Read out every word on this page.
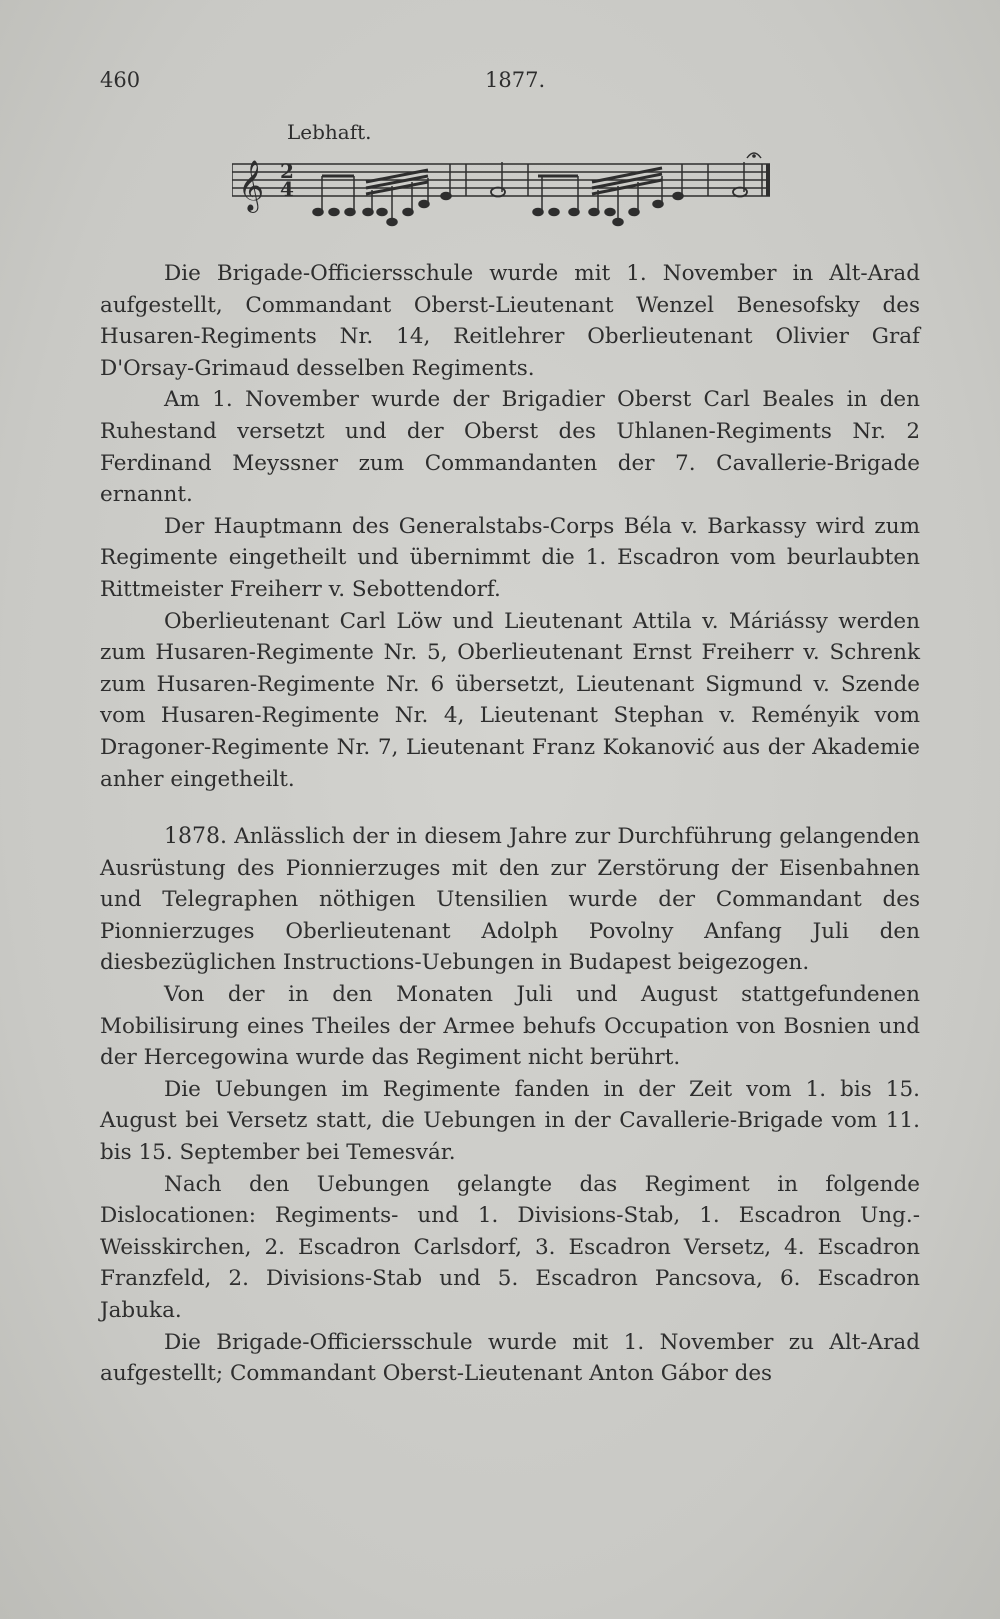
460	1877.
Lebhaft.
𝄞 2
4

Die Brigade-Officiersschule wurde mit 1. November in Alt-Arad aufgestellt, Commandant Oberst-Lieutenant Wenzel Benesofsky des Husaren-Regiments Nr. 14, Reitlehrer Oberlieutenant Olivier Graf D'Orsay-Grimaud desselben Regiments.

Am 1. November wurde der Brigadier Oberst Carl Beales in den Ruhestand versetzt und der Oberst des Uhlanen-Regiments Nr. 2 Ferdinand Meyssner zum Commandanten der 7. Cavallerie-Brigade ernannt.

Der Hauptmann des Generalstabs-Corps Béla v. Barkassy wird zum Regimente eingetheilt und übernimmt die 1. Escadron vom beurlaubten Rittmeister Freiherr v. Sebottendorf.

Oberlieutenant Carl Löw und Lieutenant Attila v. Máriássy werden zum Husaren-Regimente Nr. 5, Oberlieutenant Ernst Freiherr v. Schrenk zum Husaren-Regimente Nr. 6 übersetzt, Lieutenant Sigmund v. Szende vom Husaren-Regimente Nr. 4, Lieutenant Stephan v. Reményik vom Dragoner-Regimente Nr. 7, Lieutenant Franz Kokanović aus der Akademie anher eingetheilt.

1878. Anlässlich der in diesem Jahre zur Durchführung gelangenden Ausrüstung des Pionnierzuges mit den zur Zerstörung der Eisenbahnen und Telegraphen nöthigen Utensilien wurde der Commandant des Pionnierzuges Oberlieutenant Adolph Povolny Anfang Juli den diesbezüglichen Instructions-Uebungen in Budapest beigezogen.

Von der in den Monaten Juli und August stattgefundenen Mobilisirung eines Theiles der Armee behufs Occupation von Bosnien und der Hercegowina wurde das Regiment nicht berührt.

Die Uebungen im Regimente fanden in der Zeit vom 1. bis 15. August bei Versetz statt, die Uebungen in der Cavallerie-Brigade vom 11. bis 15. September bei Temesvár.

Nach den Uebungen gelangte das Regiment in folgende Dislocationen: Regiments- und 1. Divisions-Stab, 1. Escadron Ung.-Weisskirchen, 2. Escadron Carlsdorf, 3. Escadron Versetz, 4. Escadron Franzfeld, 2. Divisions-Stab und 5. Escadron Pancsova, 6. Escadron Jabuka.

Die Brigade-Officiersschule wurde mit 1. November zu Alt-Arad aufgestellt; Commandant Oberst-Lieutenant Anton Gábor des
